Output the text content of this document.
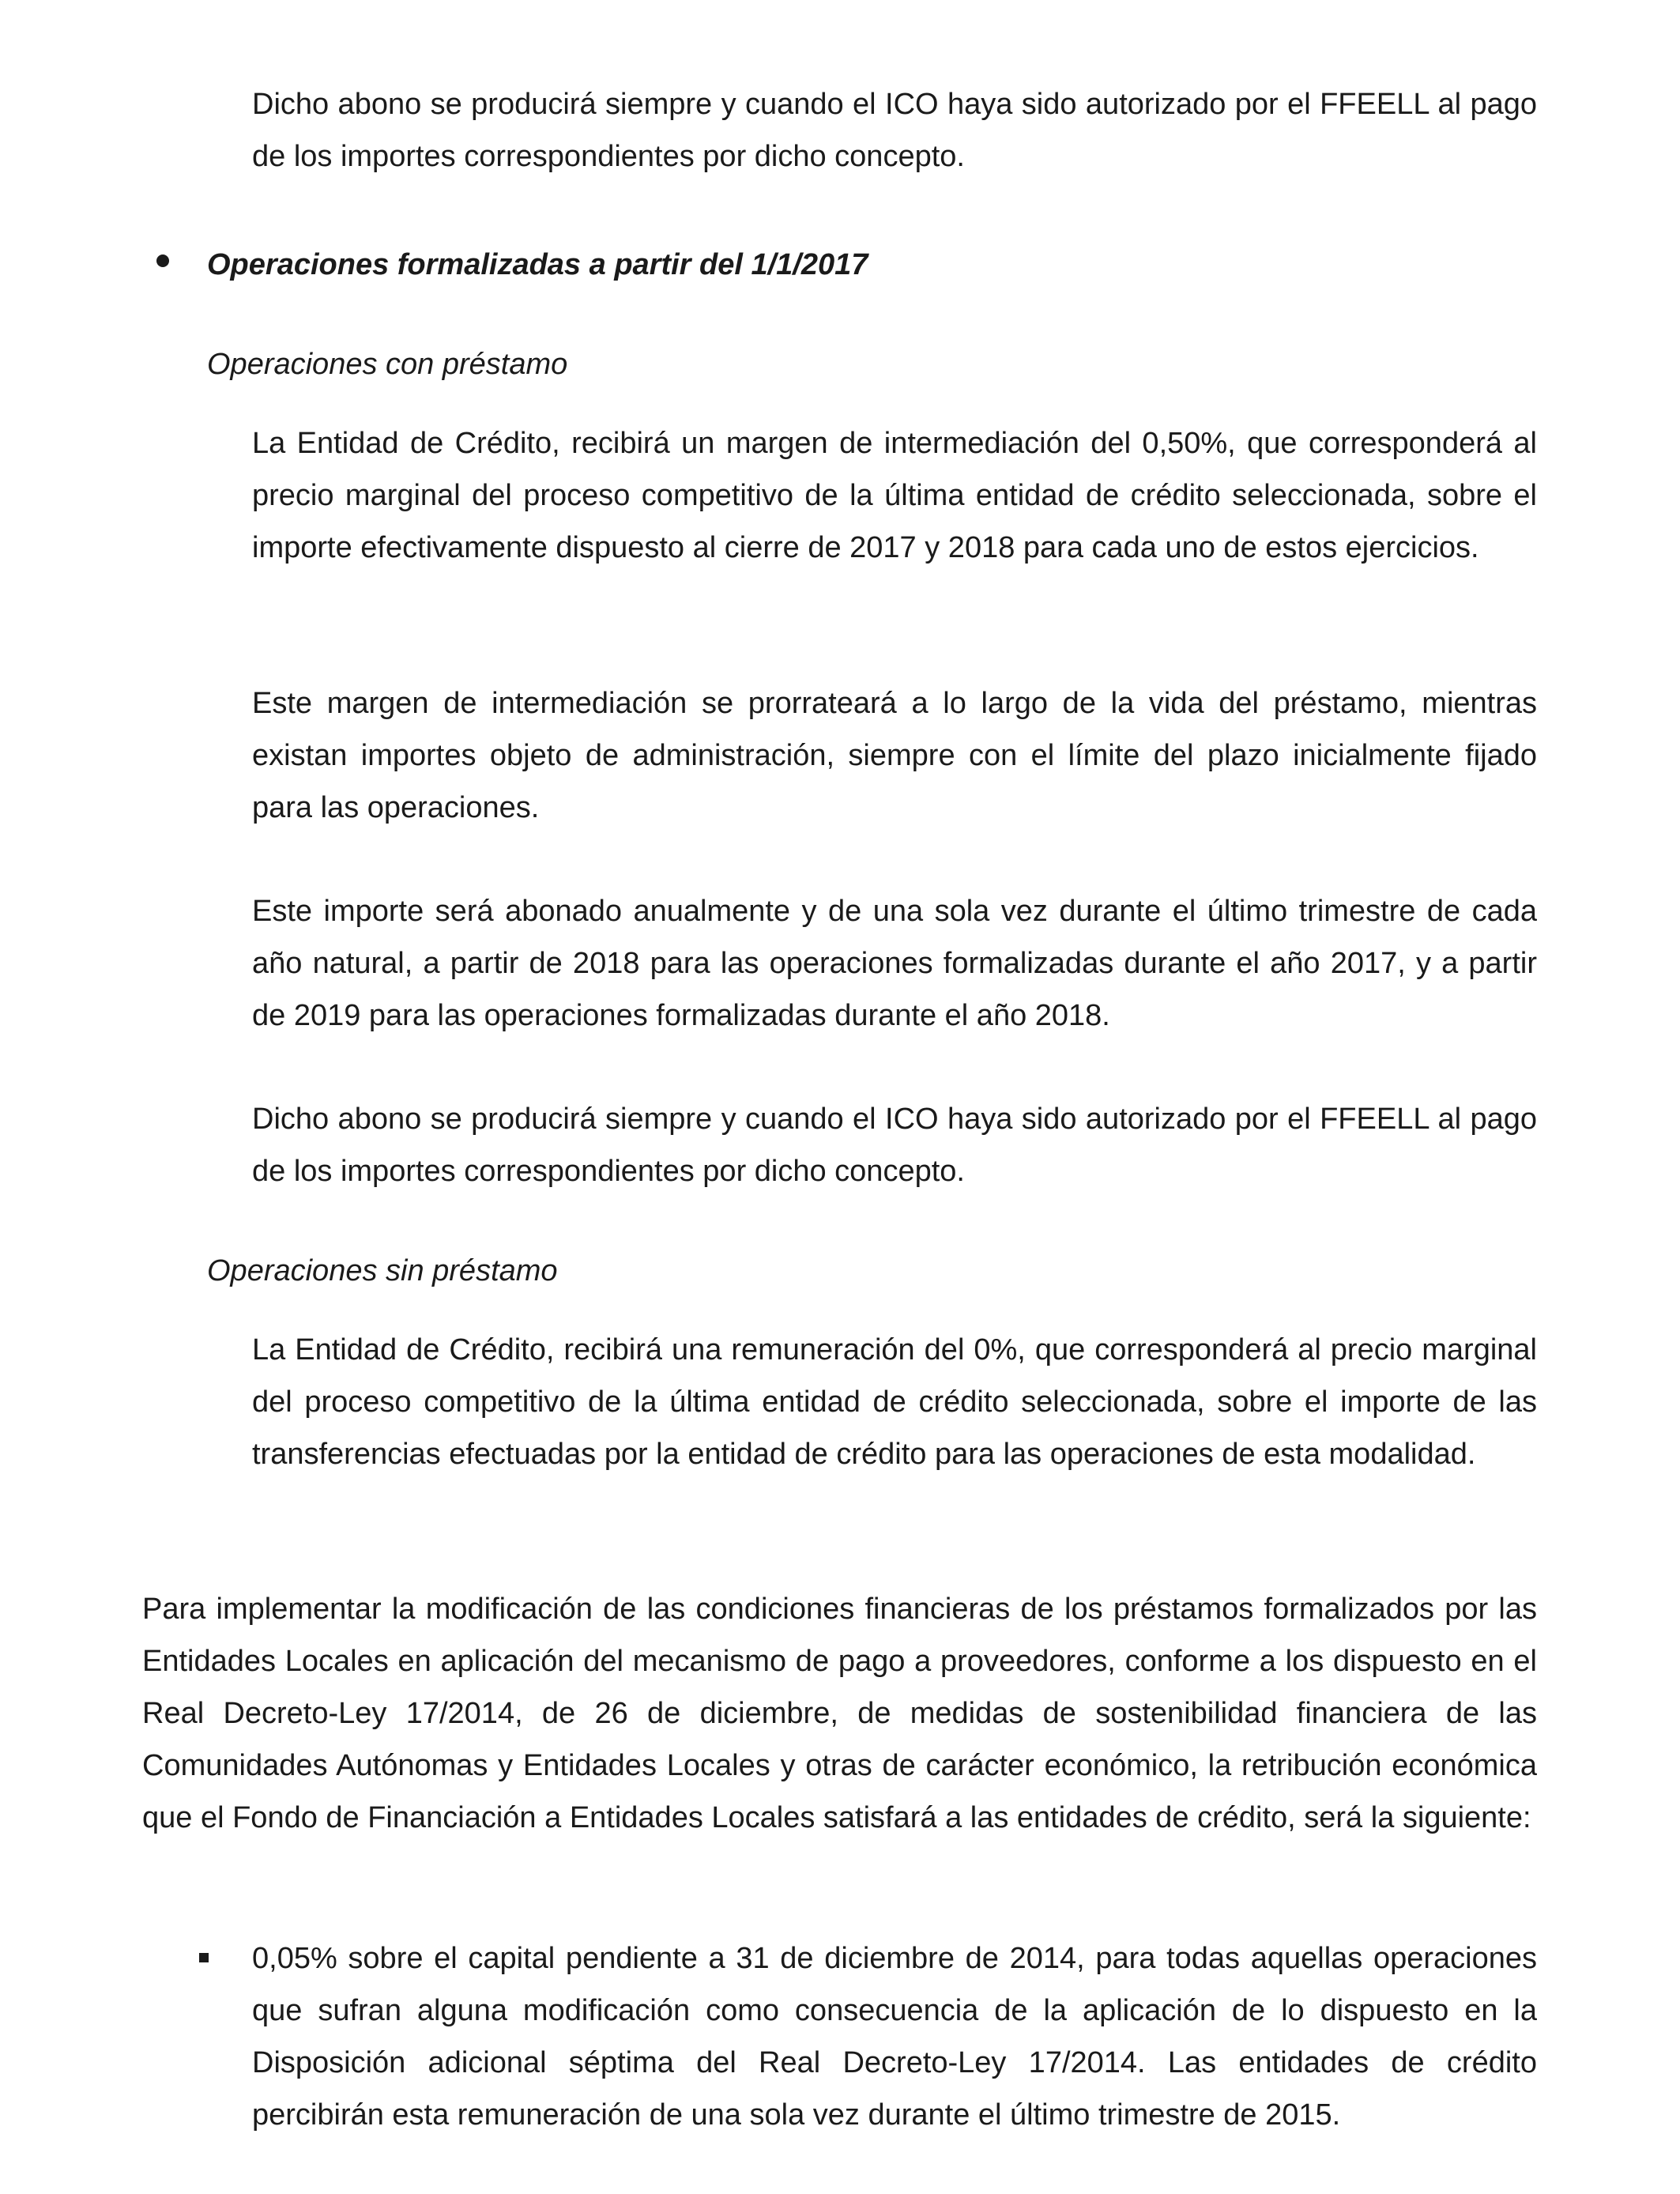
Dicho abono se producirá siempre y cuando el ICO haya sido autorizado por el FFEELL al pago de los importes correspondientes por dicho concepto.

Operaciones formalizadas a partir del 1/1/2017

Operaciones con préstamo

La Entidad de Crédito, recibirá un margen de intermediación del 0,50%, que corresponderá al precio marginal del proceso competitivo de la última entidad de crédito seleccionada, sobre el importe efectivamente dispuesto al cierre de 2017 y 2018 para cada uno de estos ejercicios.

Este margen de intermediación se prorrateará a lo largo de la vida del préstamo, mientras existan importes objeto de administración, siempre con el límite del plazo inicialmente fijado para las operaciones.

Este importe será abonado anualmente y de una sola vez durante el último trimestre de cada año natural, a partir de 2018 para las operaciones formalizadas durante el año 2017, y a partir de 2019 para las operaciones formalizadas durante el año 2018.

Dicho abono se producirá siempre y cuando el ICO haya sido autorizado por el FFEELL al pago de los importes correspondientes por dicho concepto.

Operaciones sin préstamo

La Entidad de Crédito, recibirá una remuneración del 0%, que corresponderá al precio marginal del proceso competitivo de la última entidad de crédito seleccionada, sobre el importe de las transferencias efectuadas por la entidad de crédito para las operaciones de esta modalidad.

Para implementar la modificación de las condiciones financieras de los préstamos formalizados por las Entidades Locales en aplicación del mecanismo de pago a proveedores, conforme a los dispuesto en el Real Decreto-Ley 17/2014, de 26 de diciembre, de medidas de sostenibilidad financiera de las Comunidades Autónomas y Entidades Locales y otras de carácter económico, la retribución económica que el Fondo de Financiación a Entidades Locales satisfará a las entidades de crédito, será la siguiente:

0,05% sobre el capital pendiente a 31 de diciembre de 2014, para todas aquellas operaciones que sufran alguna modificación como consecuencia de la aplicación de lo dispuesto en la Disposición adicional séptima del Real Decreto-Ley 17/2014. Las entidades de crédito percibirán esta remuneración de una sola vez durante el último trimestre de 2015.
